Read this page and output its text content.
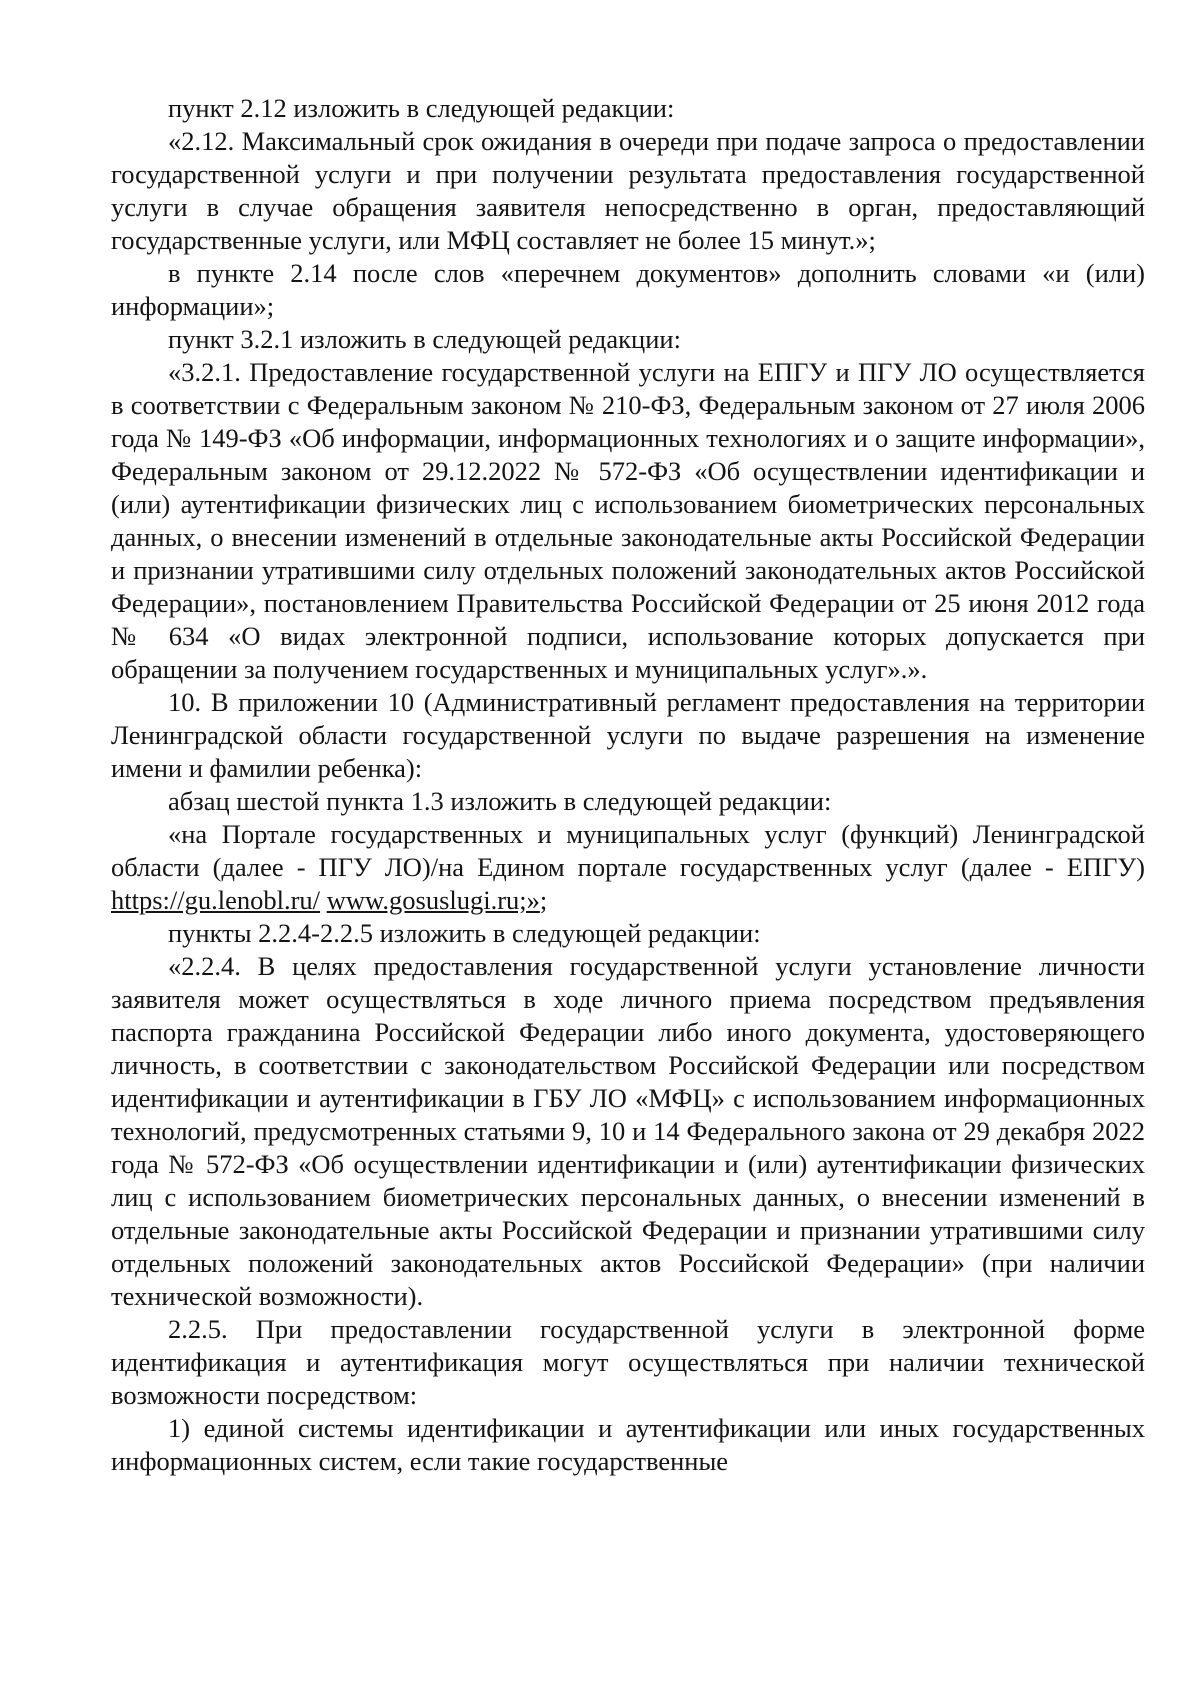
пункт 2.12 изложить в следующей редакции:

«2.12. Максимальный срок ожидания в очереди при подаче запроса о предоставлении государственной услуги и при получении результата предоставления государственной услуги в случае обращения заявителя непосредственно в орган, предоставляющий государственные услуги, или МФЦ составляет не более 15 минут.»;

в пункте 2.14 после слов «перечнем документов» дополнить словами «и (или) информации»;

пункт 3.2.1 изложить в следующей редакции:

«3.2.1. Предоставление государственной услуги на ЕПГУ и ПГУ ЛО осуществляется в соответствии с Федеральным законом № 210-ФЗ, Федеральным законом от 27 июля 2006 года № 149-ФЗ «Об информации, информационных технологиях и о защите информации», Федеральным законом от 29.12.2022 № 572-ФЗ «Об осуществлении идентификации и (или) аутентификации физических лиц с использованием биометрических персональных данных, о внесении изменений в отдельные законодательные акты Российской Федерации и признании утратившими силу отдельных положений законодательных актов Российской Федерации», постановлением Правительства Российской Федерации от 25 июня 2012 года № 634 «О видах электронной подписи, использование которых допускается при обращении за получением государственных и муниципальных услуг».».

10. В приложении 10 (Административный регламент предоставления на территории Ленинградской области государственной услуги по выдаче разрешения на изменение имени и фамилии ребенка):

абзац шестой пункта 1.3 изложить в следующей редакции:

«на Порталe государственных и муниципальных услуг (функций) Ленинградской области (далее - ПГУ ЛО)/на Едином портале государственных услуг (далее - ЕПГУ) https://gu.lenobl.ru/ www.gosuslugi.ru;»;

пункты 2.2.4-2.2.5 изложить в следующей редакции:

«2.2.4. В целях предоставления государственной услуги установление личности заявителя может осуществляться в ходе личного приема посредством предъявления паспорта гражданина Российской Федерации либо иного документа, удостоверяющего личность, в соответствии с законодательством Российской Федерации или посредством идентификации и аутентификации в ГБУ ЛО «МФЦ» с использованием информационных технологий, предусмотренных статьями 9, 10 и 14 Федерального закона от 29 декабря 2022 года № 572-ФЗ «Об осуществлении идентификации и (или) аутентификации физических лиц с использованием биометрических персональных данных, о внесении изменений в отдельные законодательные акты Российской Федерации и признании утратившими силу отдельных положений законодательных актов Российской Федерации» (при наличии технической возможности).

2.2.5. При предоставлении государственной услуги в электронной форме идентификация и аутентификация могут осуществляться при наличии технической возможности посредством:

1) единой системы идентификации и аутентификации или иных государственных информационных систем, если такие государственные
